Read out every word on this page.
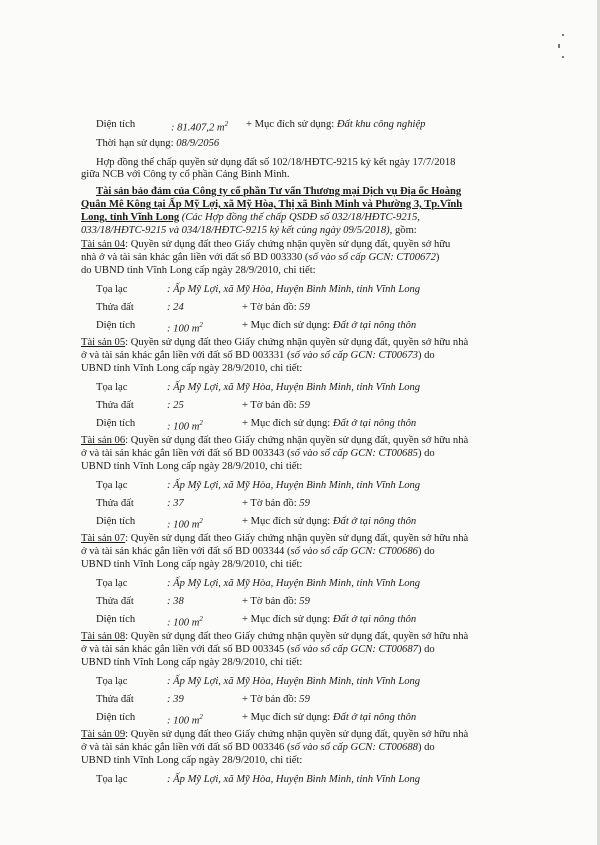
Diện tích	: 81.407,2 $m^2$ + Mục đích sử dụng: Đất khu công nghiệp
Thời hạn sử dụng: 08/9/2056
Hợp đồng thế chấp quyền sử dụng đất số 102/18/HĐTC-9215 ký kết ngày 17/7/2018
giữa NCB với Công ty cổ phần Cảng Bình Minh.
Tài sản bảo đảm của Công ty cổ phần Tư vấn Thương mại Dịch vụ Địa ốc Hoàng
Quân Mê Kông tại Ấp Mỹ Lợi, xã Mỹ Hòa, Thị xã Bình Minh và Phường 3, Tp.Vĩnh
Long, tỉnh Vĩnh Long (Các Hợp đồng thế chấp QSDĐ số 032/18/HĐTC-9215,
033/18/HĐTC-9215 và 034/18/HĐTC-9215 ký kết cùng ngày 09/5/2018), gồm:
Tài sản 04: Quyền sử dụng đất theo Giấy chứng nhận quyền sử dụng đất, quyền sở hữu
nhà ở và tài sản khác gắn liền với đất số BD 003330 (số vào sổ cấp GCN: CT00672)
do UBND tỉnh Vĩnh Long cấp ngày 28/9/2010, chi tiết:
Tọa lạc	: Ấp Mỹ Lợi, xã Mỹ Hòa, Huyện Bình Minh, tỉnh Vĩnh Long
Thửa đất	: 24	+ Tờ bản đồ: 59
Diện tích	: 100 $m^2$	+ Mục đích sử dụng: Đất ở tại nông thôn
Tài sản 05: Quyền sử dụng đất theo Giấy chứng nhận quyền sử dụng đất, quyền sở hữu nhà
ở và tài sản khác gắn liền với đất số BD 003331 (số vào sổ cấp GCN: CT00673) do
UBND tỉnh Vĩnh Long cấp ngày 28/9/2010, chi tiết:
Tọa lạc	: Ấp Mỹ Lợi, xã Mỹ Hòa, Huyện Bình Minh, tỉnh Vĩnh Long
Thửa đất	: 25	+ Tờ bản đồ: 59
Diện tích	: 100 $m^2$	+ Mục đích sử dụng: Đất ở tại nông thôn
Tài sản 06: Quyền sử dụng đất theo Giấy chứng nhận quyền sử dụng đất, quyền sở hữu nhà
ở và tài sản khác gắn liền với đất số BD 003343 (số vào sổ cấp GCN: CT00685) do
UBND tỉnh Vĩnh Long cấp ngày 28/9/2010, chi tiết:
Tọa lạc	: Ấp Mỹ Lợi, xã Mỹ Hòa, Huyện Bình Minh, tỉnh Vĩnh Long
Thửa đất	: 37	+ Tờ bản đồ: 59
Diện tích	: 100 $m^2$	+ Mục đích sử dụng: Đất ở tại nông thôn
Tài sản 07: Quyền sử dụng đất theo Giấy chứng nhận quyền sử dụng đất, quyền sở hữu nhà
ở và tài sản khác gắn liền với đất số BD 003344 (số vào sổ cấp GCN: CT00686) do
UBND tỉnh Vĩnh Long cấp ngày 28/9/2010, chi tiết:
Tọa lạc	: Ấp Mỹ Lợi, xã Mỹ Hòa, Huyện Bình Minh, tỉnh Vĩnh Long
Thửa đất	: 38	+ Tờ bản đồ: 59
Diện tích	: 100 $m^2$	+ Mục đích sử dụng: Đất ở tại nông thôn
Tài sản 08: Quyền sử dụng đất theo Giấy chứng nhận quyền sử dụng đất, quyền sở hữu nhà
ở và tài sản khác gắn liền với đất số BD 003345 (số vào sổ cấp GCN: CT00687) do
UBND tỉnh Vĩnh Long cấp ngày 28/9/2010, chi tiết:
Tọa lạc	: Ấp Mỹ Lợi, xã Mỹ Hòa, Huyện Bình Minh, tỉnh Vĩnh Long
Thửa đất	: 39	+ Tờ bản đồ: 59
Diện tích	: 100 $m^2$	+ Mục đích sử dụng: Đất ở tại nông thôn
Tài sản 09: Quyền sử dụng đất theo Giấy chứng nhận quyền sử dụng đất, quyền sở hữu nhà
ở và tài sản khác gắn liền với đất số BD 003346 (số vào sổ cấp GCN: CT00688) do
UBND tỉnh Vĩnh Long cấp ngày 28/9/2010, chi tiết:
Tọa lạc	: Ấp Mỹ Lợi, xã Mỹ Hòa, Huyện Bình Minh, tỉnh Vĩnh Long
